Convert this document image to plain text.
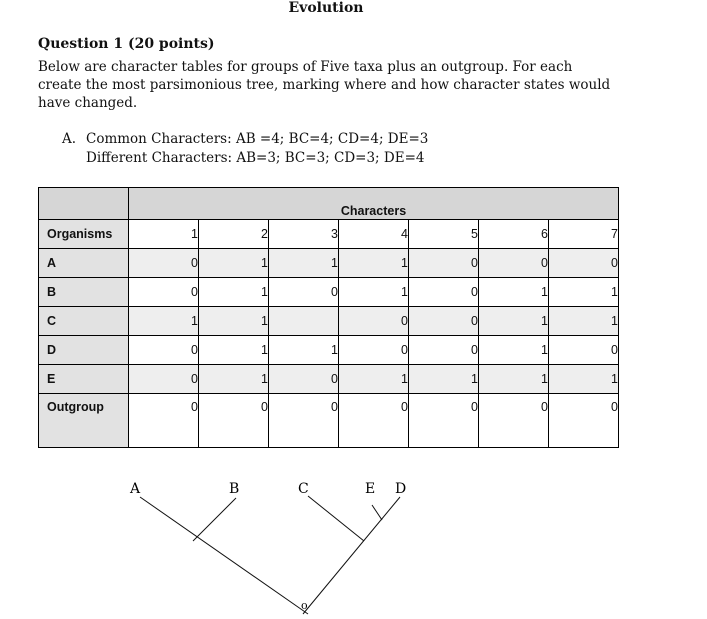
Evolution
Question 1 (20 points)
Below are character tables for groups of Five taxa plus an outgroup. For each create the most parsimonious tree, marking where and how character states would have changed.
A. Common Characters: AB =4; BC=4; CD=4; DE=3
Different Characters: AB=3; BC=3; CD=3; DE=4
	Characters						
Organisms	1	2	3	4	5	6	7
A	0	1	1	1	0	0	0
B	0	1	0	1	0	1	1
C	1	1		0	0	1	1
D	0	1	1	0	0	1	0
E	0	1	0	1	1	1	1
Outgroup	0	0	0	0	0	0	0
A	B	C	E D
o
